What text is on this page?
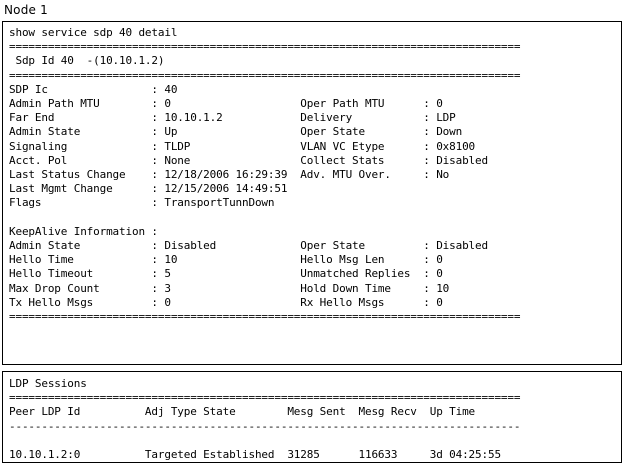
Node 1
show service sdp 40 detail
===============================================================================
Sdp Id 40  -(10.10.1.2)
===============================================================================
SDP Ic                : 40
Admin Path MTU        : 0                    Oper Path MTU      : 0
Far End               : 10.10.1.2            Delivery           : LDP
Admin State           : Up                   Oper State         : Down
Signaling             : TLDP                 VLAN VC Etype      : 0x8100
Acct. Pol             : None                 Collect Stats      : Disabled
Last Status Change    : 12/18/2006 16:29:39  Adv. MTU Over.     : No
Last Mgmt Change      : 12/15/2006 14:49:51
Flags                 : TransportTunnDown
KeepAlive Information :
Admin State           : Disabled             Oper State         : Disabled
Hello Time            : 10                   Hello Msg Len      : 0
Hello Timeout         : 5                    Unmatched Replies  : 0
Max Drop Count        : 3                    Hold Down Time     : 10
Tx Hello Msgs         : 0                    Rx Hello Msgs      : 0
===============================================================================
LDP Sessions
===============================================================================
Peer LDP Id          Adj Type State        Mesg Sent  Mesg Recv  Up Time
-------------------------------------------------------------------------------
10.10.1.2:0          Targeted Established  31285      116633     3d 04:25:55
